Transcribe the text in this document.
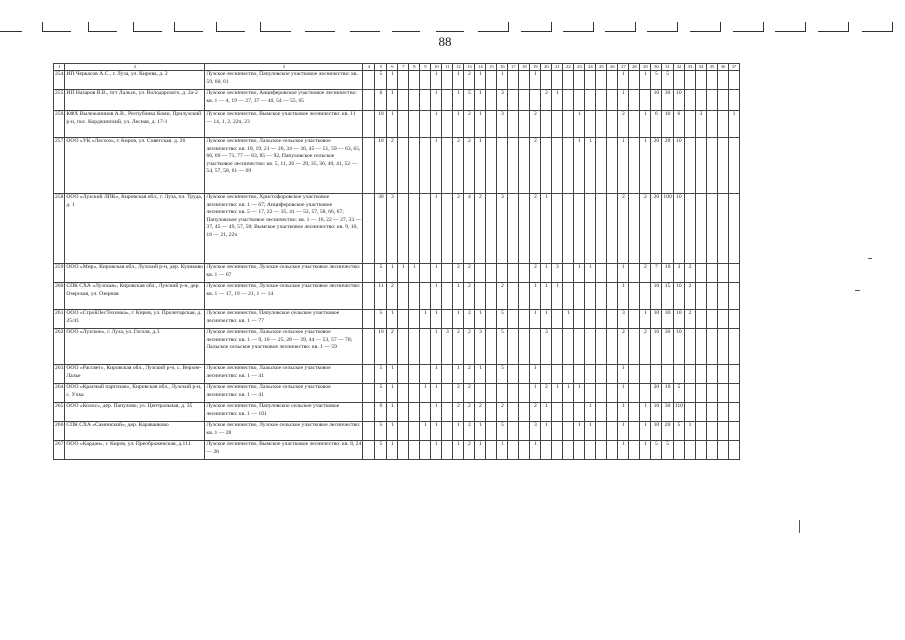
88
1	2	3	4	5	6	7	8	9	10	11	12	13	14	15	16	17	18	19	20	21	22	23	24	25	26	27	28	29	30	31	32	33	34	35	36	37
254	ИП Черкасов А.С., г. Луза, ул. Кирова, д. 2	Лузское лесничество, Папуловское участковое лесничество: кв. 59, 60, 61		5	1				1		1	2	1		1			1								1		1	5	5						
255	ИП Назаров В.В., пгт Лальск, ул. Володарского, д. 2а-2	Лузское лесничество, Анциферовское участковое лесничество: кв. 1 — 4, 19 — 27, 37 — 40, 54 — 55, 65		6	1				1		1	5	1		3				2	1						1			10	30	10					
256	КФХ Вылежанинов А.В., Республика Коми, Прилузский р-н, пос. Корджинский, ул. Лесная, д. 17-1	Лузское лесничество, Вымское участковое лесничество: кв. 11 — 14, 1, 2, 22ч, 23		10	1				1		1	2	1		3			2				1				2		1	6	10	6		3			1
257	ООО «УК «Лесхоз», г. Киров, ул. Советская, д. 26	Лузское лесничество, Лальское сельское участковое лесничество: кв. 18, 19, 21 — 26, 34 — 36, 45 — 51, 59 — 63, 65, 66, 69 — 71, 77 — 83, 85 — 92, Папуловское сельское участковое лесничество: кв. 5, 11, 26 — 29, 35, 36, 40, 41, 52 — 54, 57, 58, 61 — 69		10	2				1		2	2	1					2				1	1			1		1	20	20	10					
258	ООО «Лузский ЛПК», Кировская обл., г. Луза, пл. Труда, д. 1	Лузское лесничество, Христофоровское участковое лесничество: кв. 1 — 67; Анциферовское участковое лесничество: кв. 5 — 17, 22 — 35, 41 — 52, 57, 58, 66, 67; Папуловское участковое лесничество: кв. 1 — 16, 22 — 27, 33 — 37, 45 — 49, 57, 58; Вымское участковое лесничество: кв. 9, 10, 16 — 21, 22ч		30	3				1		2	4	2		3			2	1							2		2	20	100	10					
259	ООО «Мир», Кировская обл., Лузский р-н, дер. Куликово	Лузское лесничество, Лузское сельское участковое лесничество: кв. 1 — 67		5	1	1	1		1		2	2						2	1	3		1	1			1		2	7	10	3	2				
260	СПК СХА «Лузская», Кировская обл., Лузский р-н, дер. Озерская, ул. Озерная	Лузское лесничество, Лузское сельское участковое лесничество: кв. 1 — 17, 19 — 21, 1 — 14		11	2				1		1	2			2			1	1	1						1			10	15	10	2				
261	ООО «СтройЛесТехника», г. Киров, ул. Пролетарская, д. 25/41	Лузское лесничество, Папуловское сельское участковое лесничество: кв. 1 — 77		5	1			1	1		1	2	1		5			1	1		1					3		1	10	30	10	2				
262	ООО «Лузское», г. Луза, ул. Гоголя, д.3	Лузское лесничество, Лальское сельское участковое лесничество: кв. 1 — 9, 16 — 25, 28 — 39, 44 — 53, 57 — 78; Лальское сельское участковое лесничество: кв. 1 — 59		10	2				1	3	2	2	3		5				3							2		2	10	30	10					
263	ООО «Рассвет», Кировская обл., Лузский р-н, с. Верхне-Лалье	Лузское лесничество, Лальское сельское участковое лесничество: кв. 1 — 41		5	1				1		1	2	1		5			1								1										
264	ООО «Красный партизан», Кировская обл., Лузский р-н, с. Учка	Лузское лесничество, Лальское сельское участковое лесничество: кв. 1 — 41		5	1			1	1		2	2						1	2	1	1	1				1			20	10	5					
265	ООО «Колос», дер. Папулово, ул. Центральная, д. 35	Лузское лесничество, Папуловское сельское участковое лесничество: кв. 1 — 101		6	1				1		2	2	2		2			2	1				1			1		1	10	30	110					
266	СПК СХА «Саминский», дер. Караванково	Лузское лесничество, Лузское сельское участковое лесничество: кв. 1 — 28		5	1			1	1		1	2	1		5			3	1			1	1			1		1	10	20	5	1				
267	ООО «Кардан», г. Киров, ул. Преображенская, д.111	Лузское лесничество, Вымское участковое лесничество: кв. 8, 24 — 28		5	1				1		1	2	1		1			1								1		1	5	5						
